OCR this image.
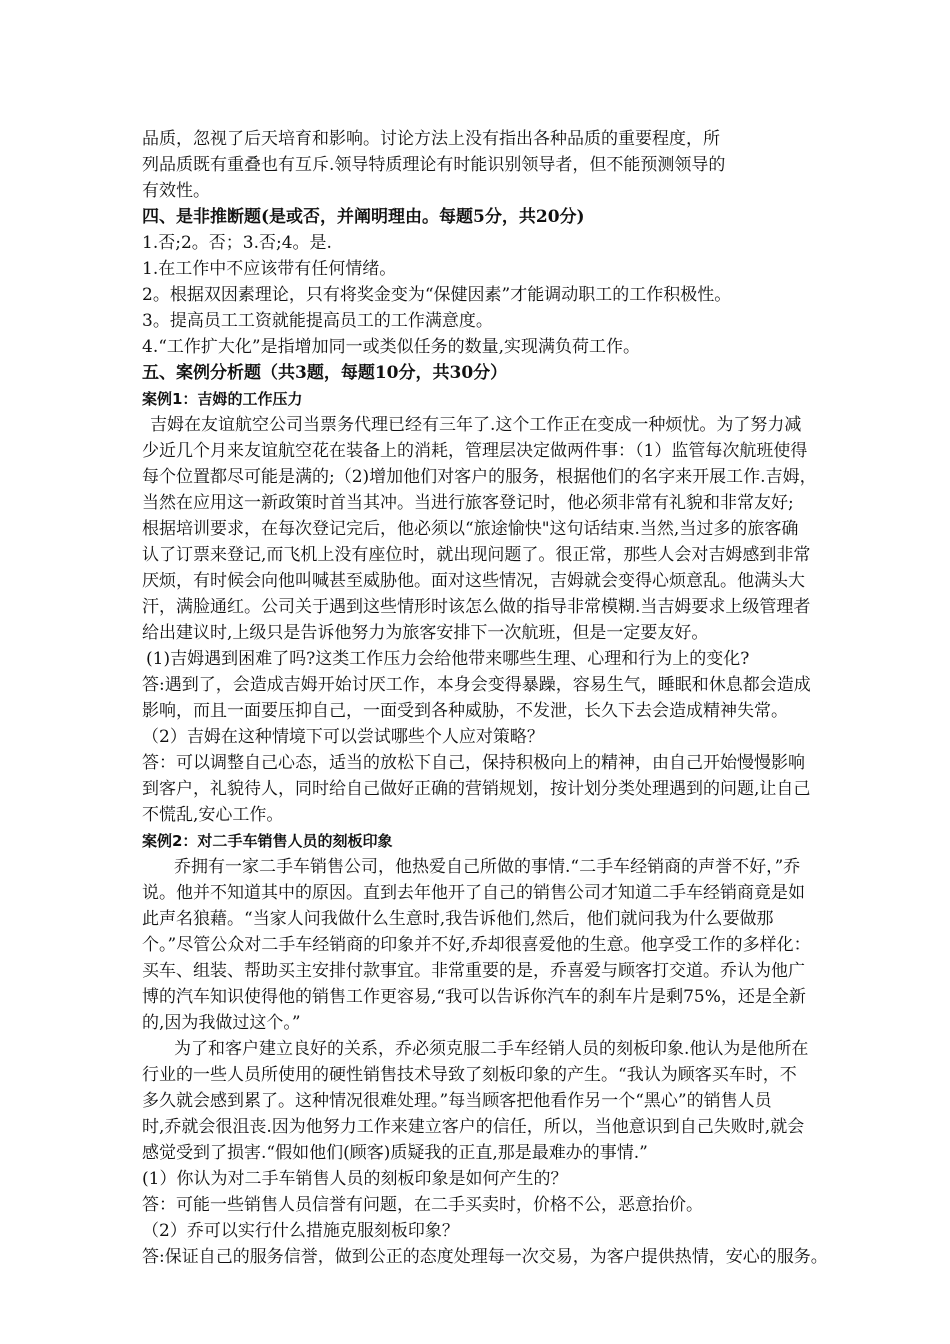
品质，忽视了后天培育和影响。讨论方法上没有指出各种品质的重要程度，所
列品质既有重叠也有互斥.领导特质理论有时能识别领导者，但不能预测领导的
有效性。
四、是非推断题(是或否，并阐明理由。每题5分，共20分)
1.否;2。否；3.否;4。是.
1.在工作中不应该带有任何情绪。
2。根据双因素理论，只有将奖金变为“保健因素”才能调动职工的工作积极性。
3。提高员工工资就能提高员工的工作满意度。
4.“工作扩大化”是指增加同一或类似任务的数量,实现满负荷工作。
五、案例分析题（共3题，每题10分，共30分）
案例1：吉姆的工作压力
吉姆在友谊航空公司当票务代理已经有三年了.这个工作正在变成一种烦忧。为了努力减
少近几个月来友谊航空花在装备上的消耗，管理层决定做两件事：（1）监管每次航班使得
每个位置都尽可能是满的;（2)增加他们对客户的服务，根据他们的名字来开展工作.吉姆，
当然在应用这一新政策时首当其冲。当进行旅客登记时，他必须非常有礼貌和非常友好;
根据培训要求，在每次登记完后，他必须以“旅途愉快"这句话结束.当然,当过多的旅客确
认了订票来登记,而飞机上没有座位时，就出现问题了。很正常，那些人会对吉姆感到非常
厌烦，有时候会向他叫喊甚至威胁他。面对这些情况，吉姆就会变得心烦意乱。他满头大
汗，满脸通红。公司关于遇到这些情形时该怎么做的指导非常模糊.当吉姆要求上级管理者
给出建议时,上级只是告诉他努力为旅客安排下一次航班，但是一定要友好。
(1)吉姆遇到困难了吗?这类工作压力会给他带来哪些生理、心理和行为上的变化?
答:遇到了，会造成吉姆开始讨厌工作，本身会变得暴躁，容易生气，睡眠和休息都会造成
影响，而且一面要压抑自己，一面受到各种威胁，不发泄，长久下去会造成精神失常。
（2）吉姆在这种情境下可以尝试哪些个人应对策略？
答：可以调整自己心态，适当的放松下自己，保持积极向上的精神，由自己开始慢慢影响
到客户，礼貌待人，同时给自己做好正确的营销规划，按计划分类处理遇到的问题,让自己
不慌乱,安心工作。
案例2：对二手车销售人员的刻板印象
乔拥有一家二手车销售公司，他热爱自己所做的事情.“二手车经销商的声誉不好，”乔
说。他并不知道其中的原因。直到去年他开了自己的销售公司才知道二手车经销商竟是如
此声名狼藉。“当家人问我做什么生意时,我告诉他们,然后，他们就问我为什么要做那
个。”尽管公众对二手车经销商的印象并不好,乔却很喜爱他的生意。他享受工作的多样化：
买车、组装、帮助买主安排付款事宜。非常重要的是，乔喜爱与顾客打交道。乔认为他广
博的汽车知识使得他的销售工作更容易,“我可以告诉你汽车的刹车片是剩75%，还是全新
的,因为我做过这个。”
为了和客户建立良好的关系，乔必须克服二手车经销人员的刻板印象.他认为是他所在
行业的一些人员所使用的硬性销售技术导致了刻板印象的产生。“我认为顾客买车时，不
多久就会感到累了。这种情况很难处理。”每当顾客把他看作另一个“黑心”的销售人员
时,乔就会很沮丧.因为他努力工作来建立客户的信任，所以，当他意识到自己失败时,就会
感觉受到了损害.“假如他们(顾客)质疑我的正直,那是最难办的事情.”
(1）你认为对二手车销售人员的刻板印象是如何产生的？
答：可能一些销售人员信誉有问题，在二手买卖时，价格不公，恶意抬价。
（2）乔可以实行什么措施克服刻板印象？
答:保证自己的服务信誉，做到公正的态度处理每一次交易，为客户提供热情，安心的服务。
